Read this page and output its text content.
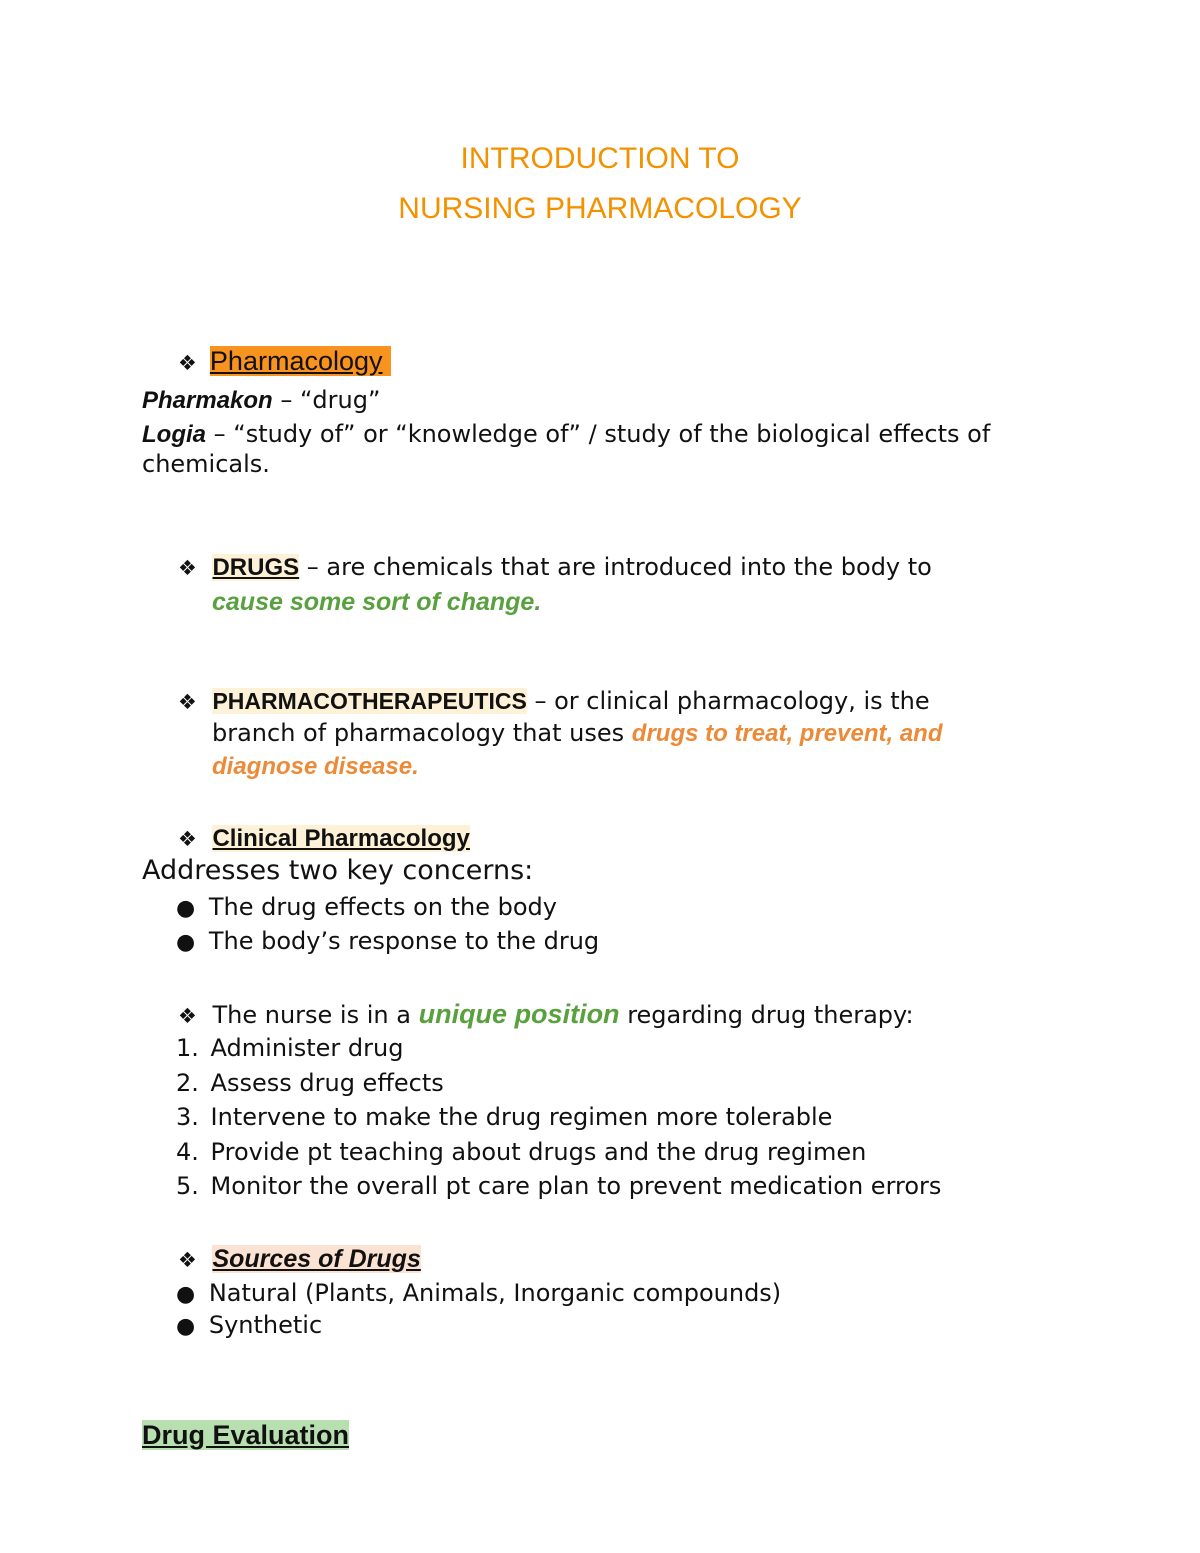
INTRODUCTION TO
NURSING PHARMACOLOGY
❖ Pharmacology
Pharmakon – “drug”
Logia – “study of” or “knowledge of” / study of the biological effects of
chemicals.
❖ DRUGS – are chemicals that are introduced into the body to
cause some sort of change.
❖ PHARMACOTHERAPEUTICS – or clinical pharmacology, is the
branch of pharmacology that uses drugs to treat, prevent, and
diagnose disease.
❖ Clinical Pharmacology
Addresses two key concerns:
● The drug effects on the body
● The body’s response to the drug
❖ The nurse is in a unique position regarding drug therapy:
1. Administer drug
2. Assess drug effects
3. Intervene to make the drug regimen more tolerable
4. Provide pt teaching about drugs and the drug regimen
5. Monitor the overall pt care plan to prevent medication errors
❖ Sources of Drugs
● Natural (Plants, Animals, Inorganic compounds)
● Synthetic
Drug Evaluation
